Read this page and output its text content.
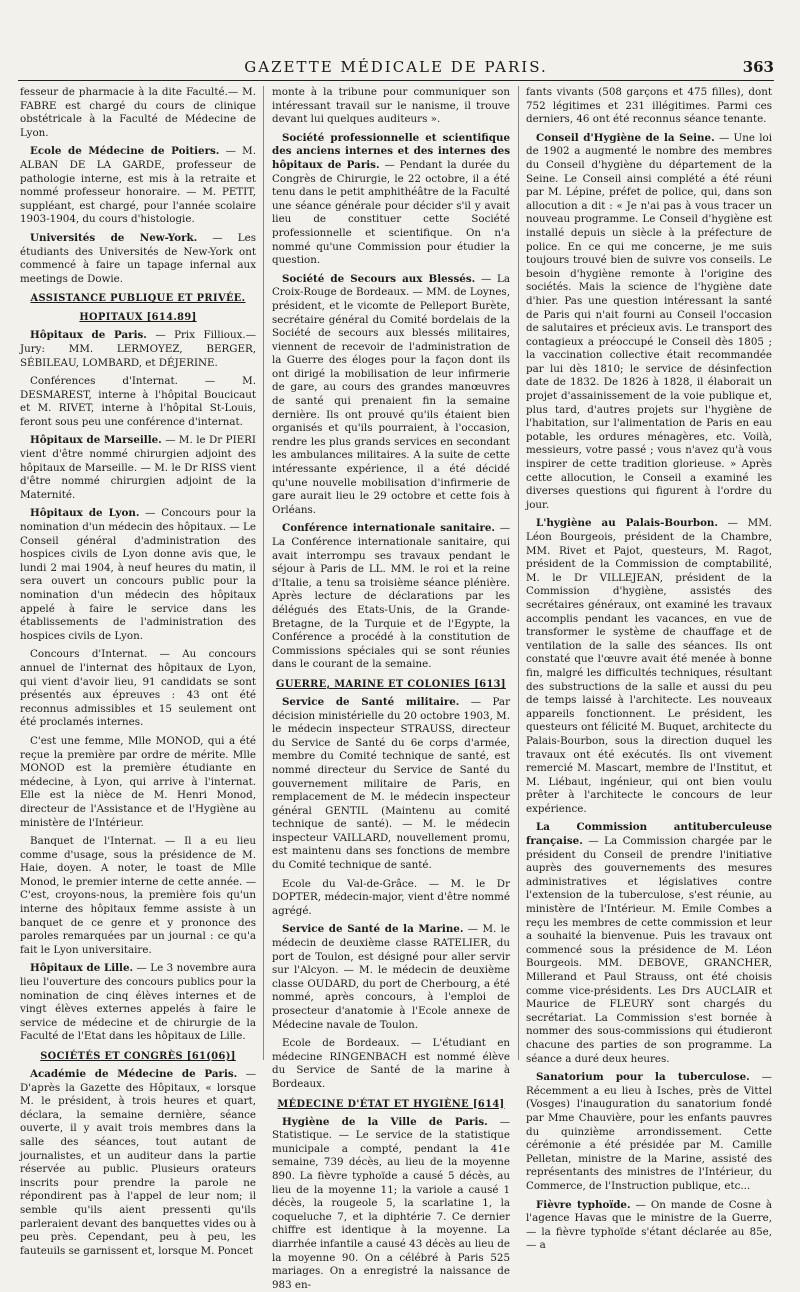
GAZETTE MÉDICALE DE PARIS.	363

fesseur de pharmacie à la dite Faculté.— M. FABRE est chargé du cours de clinique obstétricale à la Faculté de Médecine de Lyon.

Ecole de Médecine de Poitiers. — M. ALBAN DE LA GARDE, professeur de pathologie interne, est mis à la retraite et nommé professeur honoraire. — M. PETIT, suppléant, est chargé, pour l'année scolaire 1903-1904, du cours d'histologie.

Universités de New-York. — Les étudiants des Universités de New-York ont commencé à faire un tapage infernal aux meetings de Dowie.

ASSISTANCE PUBLIQUE ET PRIVÉE.
HOPITAUX [614.89]

Hôpitaux de Paris. — Prix Fillioux.— Jury: MM. LERMOYEZ, BERGER, SÉBILEAU, LOMBARD, et DÉJERINE.

Conférences d'Internat. — M. DESMAREST, interne à l'hôpital Boucicaut et M. RIVET, interne à l'hôpital St-Louis, feront sous peu une conférence d'internat.

Hôpitaux de Marseille. — M. le Dr PIERI vient d'être nommé chirurgien adjoint des hôpitaux de Marseille. — M. le Dr RISS vient d'être nommé chirurgien adjoint de la Maternité.

Hôpitaux de Lyon. — Concours pour la nomination d'un médecin des hôpitaux. — Le Conseil général d'administration des hospices civils de Lyon donne avis que, le lundi 2 mai 1904, à neuf heures du matin, il sera ouvert un concours public pour la nomination d'un médecin des hôpitaux appelé à faire le service dans les établissements de l'administration des hospices civils de Lyon.

Concours d'Internat. — Au concours annuel de l'internat des hôpitaux de Lyon, qui vient d'avoir lieu, 91 candidats se sont présentés aux épreuves : 43 ont été reconnus admissibles et 15 seulement ont été proclamés internes.

C'est une femme, Mlle MONOD, qui a été reçue la première par ordre de mérite. Mlle MONOD est la première étudiante en médecine, à Lyon, qui arrive à l'internat. Elle est la nièce de M. Henri Monod, directeur de l'Assistance et de l'Hygiène au ministère de l'Intérieur.

Banquet de l'Internat. — Il a eu lieu comme d'usage, sous la présidence de M. Haie, doyen. A noter, le toast de Mlle Monod, le premier interne de cette année. — C'est, croyons-nous, la première fois qu'un interne des hôpitaux femme assiste à un banquet de ce genre et y prononce des paroles remarquées par un journal : ce qu'a fait le Lyon universitaire.

Hôpitaux de Lille. — Le 3 novembre aura lieu l'ouverture des concours publics pour la nomination de cinq élèves internes et de vingt élèves externes appelés à faire le service de médecine et de chirurgie de la Faculté de l'Etat dans les hôpitaux de Lille.

SOCIÉTÉS ET CONGRÈS [61(06)]

Académie de Médecine de Paris. — D'après la Gazette des Hôpitaux, « lorsque M. le président, à trois heures et quart, déclara, la semaine dernière, séance ouverte, il y avait trois membres dans la salle des séances, tout autant de journalistes, et un auditeur dans la partie réservée au public. Plusieurs orateurs inscrits pour prendre la parole ne répondirent pas à l'appel de leur nom; il semble qu'ils aient pressenti qu'ils parleraient devant des banquettes vides ou à peu près. Cependant, peu à peu, les fauteuils se garnissent et, lorsque M. Poncet

monte à la tribune pour communiquer son intéressant travail sur le nanisme, il trouve devant lui quelques auditeurs ».

Société professionnelle et scientifique des anciens internes et des internes des hôpitaux de Paris. — Pendant la durée du Congrès de Chirurgie, le 22 octobre, il a été tenu dans le petit amphithéâtre de la Faculté une séance générale pour décider s'il y avait lieu de constituer cette Société professionnelle et scientifique. On n'a nommé qu'une Commission pour étudier la question.

Société de Secours aux Blessés. — La Croix-Rouge de Bordeaux. — MM. de Loynes, président, et le vicomte de Pelleport Burète, secrétaire général du Comité bordelais de la Société de secours aux blessés militaires, viennent de recevoir de l'administration de la Guerre des éloges pour la façon dont ils ont dirigé la mobilisation de leur infirmerie de gare, au cours des grandes manœuvres de santé qui prenaient fin la semaine dernière. Ils ont prouvé qu'ils étaient bien organisés et qu'ils pourraient, à l'occasion, rendre les plus grands services en secondant les ambulances militaires. A la suite de cette intéressante expérience, il a été décidé qu'une nouvelle mobilisation d'infirmerie de gare aurait lieu le 29 octobre et cette fois à Orléans.

Conférence internationale sanitaire. — La Conférence internationale sanitaire, qui avait interrompu ses travaux pendant le séjour à Paris de LL. MM. le roi et la reine d'Italie, a tenu sa troisième séance plénière. Après lecture de déclarations par les délégués des Etats-Unis, de la Grande-Bretagne, de la Turquie et de l'Egypte, la Conférence a procédé à la constitution de Commissions spéciales qui se sont réunies dans le courant de la semaine.

GUERRE, MARINE ET COLONIES [613]

Service de Santé militaire. — Par décision ministérielle du 20 octobre 1903, M. le médecin inspecteur STRAUSS, directeur du Service de Santé du 6e corps d'armée, membre du Comité technique de santé, est nommé directeur du Service de Santé du gouvernement militaire de Paris, en remplacement de M. le médecin inspecteur général GENTIL (Maintenu au comité technique de santé). — M. le médecin inspecteur VAILLARD, nouvellement promu, est maintenu dans ses fonctions de membre du Comité technique de santé.

Ecole du Val-de-Grâce. — M. le Dr DOPTER, médecin-major, vient d'être nommé agrégé.

Service de Santé de la Marine. — M. le médecin de deuxième classe RATELIER, du port de Toulon, est désigné pour aller servir sur l'Alcyon. — M. le médecin de deuxième classe OUDARD, du port de Cherbourg, a été nommé, après concours, à l'emploi de prosecteur d'anatomie à l'Ecole annexe de Médecine navale de Toulon.

Ecole de Bordeaux. — L'étudiant en médecine RINGENBACH est nommé élève du Service de Santé de la marine à Bordeaux.

MÉDECINE D'ÉTAT ET HYGIÈNE [614]

Hygiène de la Ville de Paris. — Statistique. — Le service de la statistique municipale a compté, pendant la 41e semaine, 739 décès, au lieu de la moyenne 890. La fièvre typhoïde a causé 5 décès, au lieu de la moyenne 11; la variole a causé 1 décès, la rougeole 5, la scarlatine 1, la coqueluche 7, et la diphtérie 7. Ce dernier chiffre est identique à la moyenne. La diarrhée infantile a causé 43 décès au lieu de la moyenne 90. On a célébré à Paris 525 mariages. On a enregistré la naissance de 983 en-

fants vivants (508 garçons et 475 filles), dont 752 légitimes et 231 illégitimes. Parmi ces derniers, 46 ont été reconnus séance tenante.

Conseil d'Hygiène de la Seine. — Une loi de 1902 a augmenté le nombre des membres du Conseil d'hygiène du département de la Seine. Le Conseil ainsi complété a été réuni par M. Lépine, préfet de police, qui, dans son allocution a dit : « Je n'ai pas à vous tracer un nouveau programme. Le Conseil d'hygiène est installé depuis un siècle à la préfecture de police. En ce qui me concerne, je me suis toujours trouvé bien de suivre vos conseils. Le besoin d'hygiène remonte à l'origine des sociétés. Mais la science de l'hygiène date d'hier. Pas une question intéressant la santé de Paris qui n'ait fourni au Conseil l'occasion de salutaires et précieux avis. Le transport des contagieux a préoccupé le Conseil dès 1805 ; la vaccination collective était recommandée par lui dès 1810; le service de désinfection date de 1832. De 1826 à 1828, il élaborait un projet d'assainissement de la voie publique et, plus tard, d'autres projets sur l'hygiène de l'habitation, sur l'alimentation de Paris en eau potable, les ordures ménagères, etc. Voilà, messieurs, votre passé ; vous n'avez qu'à vous inspirer de cette tradition glorieuse. » Après cette allocution, le Conseil a examiné les diverses questions qui figurent à l'ordre du jour.

L'hygiène au Palais-Bourbon. — MM. Léon Bourgeois, président de la Chambre, MM. Rivet et Pajot, questeurs, M. Ragot, président de la Commission de comptabilité, M. le Dr VILLEJEAN, président de la Commission d'hygiène, assistés des secrétaires généraux, ont examiné les travaux accomplis pendant les vacances, en vue de transformer le système de chauffage et de ventilation de la salle des séances. Ils ont constaté que l'œuvre avait été menée à bonne fin, malgré les difficultés techniques, résultant des substructions de la salle et aussi du peu de temps laissé à l'architecte. Les nouveaux appareils fonctionnent. Le président, les questeurs ont félicité M. Buquet, architecte du Palais-Bourbon, sous la direction duquel les travaux ont été exécutés. Ils ont vivement remercié M. Mascart, membre de l'Institut, et M. Liébaut, ingénieur, qui ont bien voulu prêter à l'architecte le concours de leur expérience.

La Commission antituberculeuse française. — La Commission chargée par le président du Conseil de prendre l'initiative auprès des gouvernements des mesures administratives et législatives contre l'extension de la tuberculose, s'est réunie, au ministère de l'Intérieur. M. Emile Combes a reçu les membres de cette commission et leur a souhaité la bienvenue. Puis les travaux ont commencé sous la présidence de M. Léon Bourgeois. MM. DEBOVE, GRANCHER, Millerand et Paul Strauss, ont été choisis comme vice-présidents. Les Drs AUCLAIR et Maurice de FLEURY sont chargés du secrétariat. La Commission s'est bornée à nommer des sous-commissions qui étudieront chacune des parties de son programme. La séance a duré deux heures.

Sanatorium pour la tuberculose. — Récemment a eu lieu à Isches, près de Vittel (Vosges) l'inauguration du sanatorium fondé par Mme Chauvière, pour les enfants pauvres du quinzième arrondissement. Cette cérémonie a été présidée par M. Camille Pelletan, ministre de la Marine, assisté des représentants des ministres de l'Intérieur, du Commerce, de l'Instruction publique, etc...

Fièvre typhoïde. — On mande de Cosne à l'agence Havas que le ministre de la Guerre, — la fièvre typhoïde s'étant déclarée au 85e, — a
